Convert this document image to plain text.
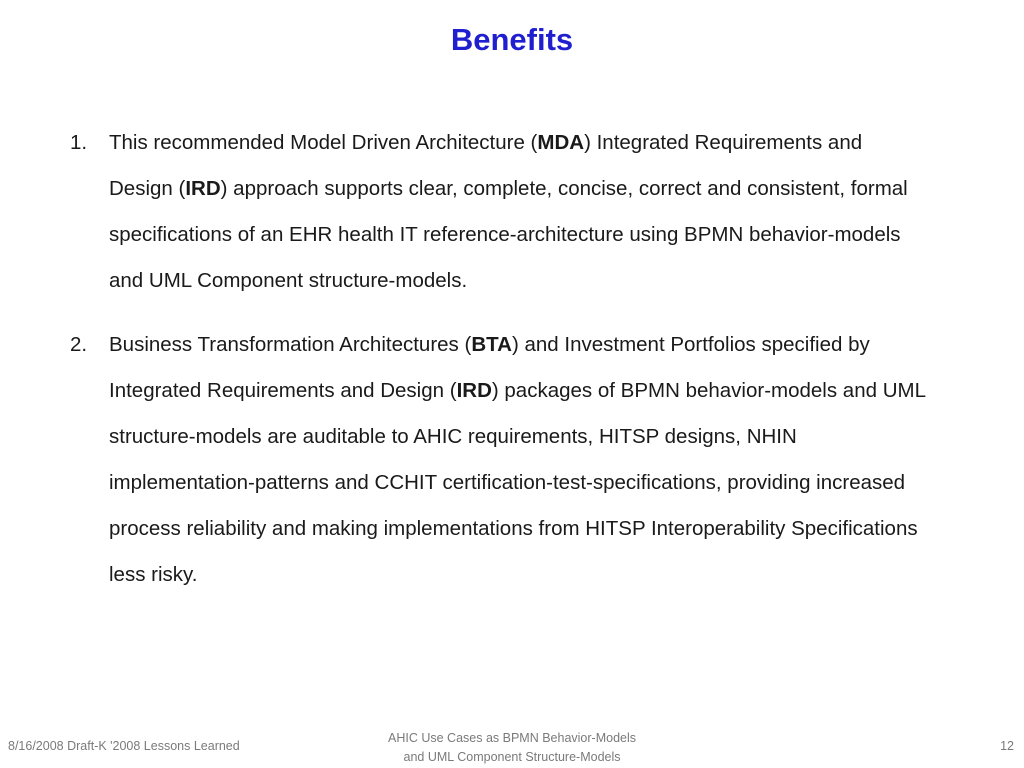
Benefits
1. This recommended Model Driven Architecture (MDA) Integrated Requirements and Design (IRD) approach supports clear, complete, concise, correct and consistent, formal specifications of an EHR health IT reference-architecture using BPMN behavior-models and UML Component structure-models.
2. Business Transformation Architectures (BTA) and Investment Portfolios specified by Integrated Requirements and Design (IRD) packages of BPMN behavior-models and UML structure-models are auditable to AHIC requirements, HITSP designs, NHIN implementation-patterns and CCHIT certification-test-specifications, providing increased process reliability and making implementations from HITSP Interoperability Specifications less risky.
8/16/2008 Draft-K '2008 Lessons Learned
AHIC Use Cases as BPMN Behavior-Models
and UML Component Structure-Models
12
